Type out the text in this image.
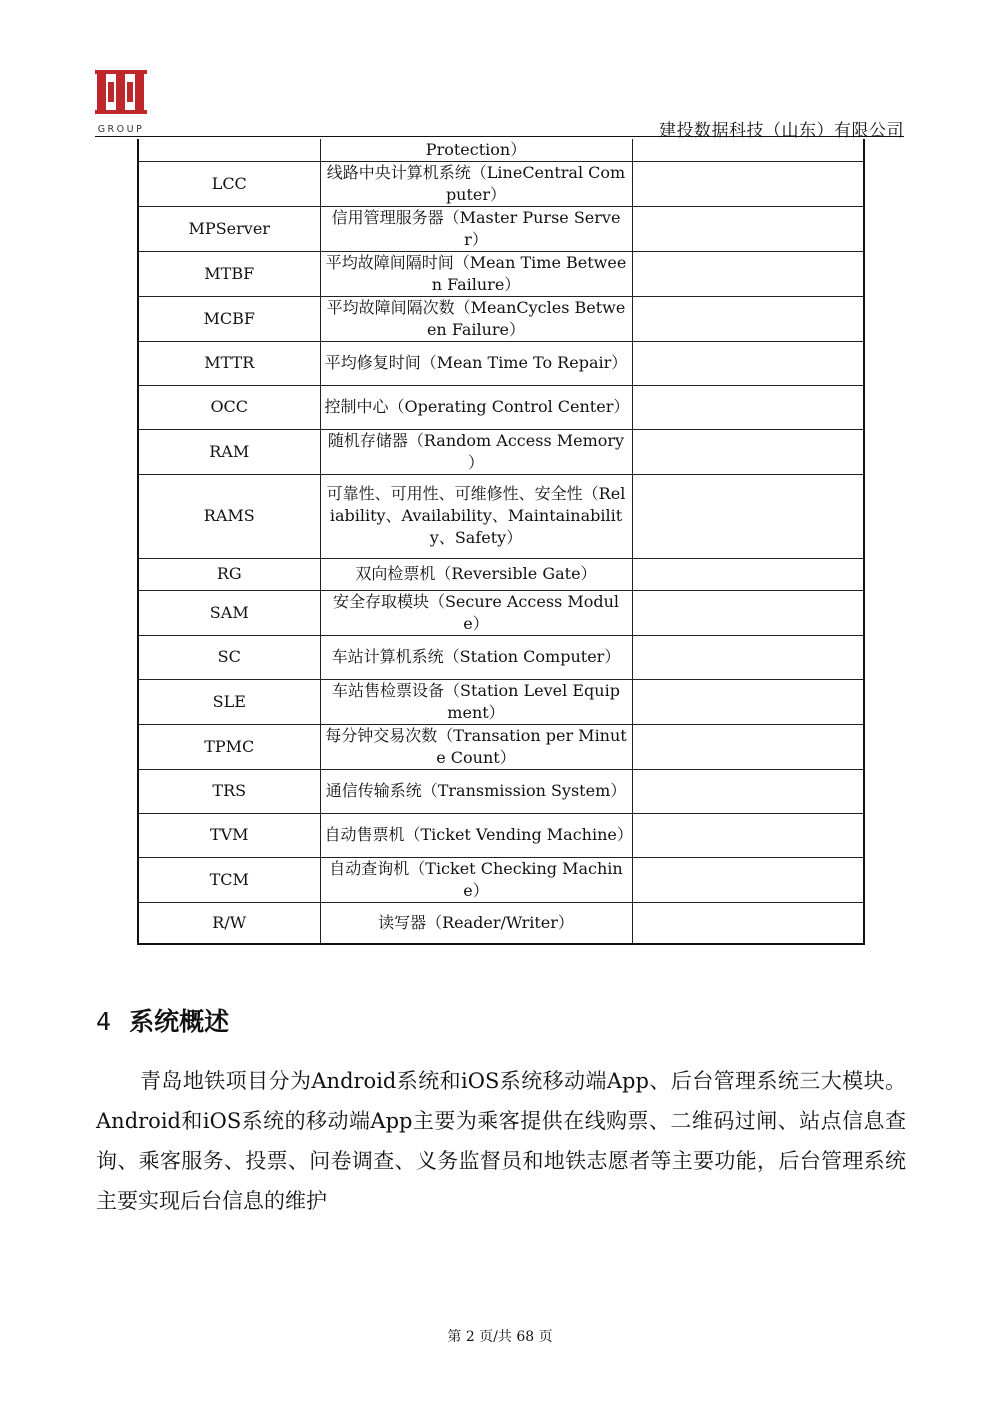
GROUP	建投数据科技（山东）有限公司
	Protection）	
LCC	线路中央计算机系统（LineCentral Computer）	
MPServer	信用管理服务器（Master Purse Server）	
MTBF	平均故障间隔时间（Mean Time Between Failure）	
MCBF	平均故障间隔次数（MeanCycles Between Failure）	
MTTR	平均修复时间（Mean Time To Repair）	
OCC	控制中心（Operating Control Center）	
RAM	随机存储器（Random Access Memory ）	
RAMS	可靠性、可用性、可维修性、安全性（Reliability、Availability、Maintainability、Safety）	
RG	双向检票机（Reversible Gate）	
SAM	安全存取模块（Secure Access Module）	
SC	车站计算机系统（Station Computer）	
SLE	车站售检票设备（Station Level Equipment）	
TPMC	每分钟交易次数（Transation per Minute Count）	
TRS	通信传输系统（Transmission System）	
TVM	自动售票机（Ticket Vending Machine）	
TCM	自动查询机（Ticket Checking Machine）	
R/W	读写器（Reader/Writer）	
4 系统概述

青岛地铁项目分为Android系统和iOS系统移动端App、后台管理系统三大模块。Android和iOS系统的移动端App主要为乘客提供在线购票、二维码过闸、站点信息查询、乘客服务、投票、问卷调查、义务监督员和地铁志愿者等主要功能，后台管理系统主要实现后台信息的维护

第 2 页/共 68 页
